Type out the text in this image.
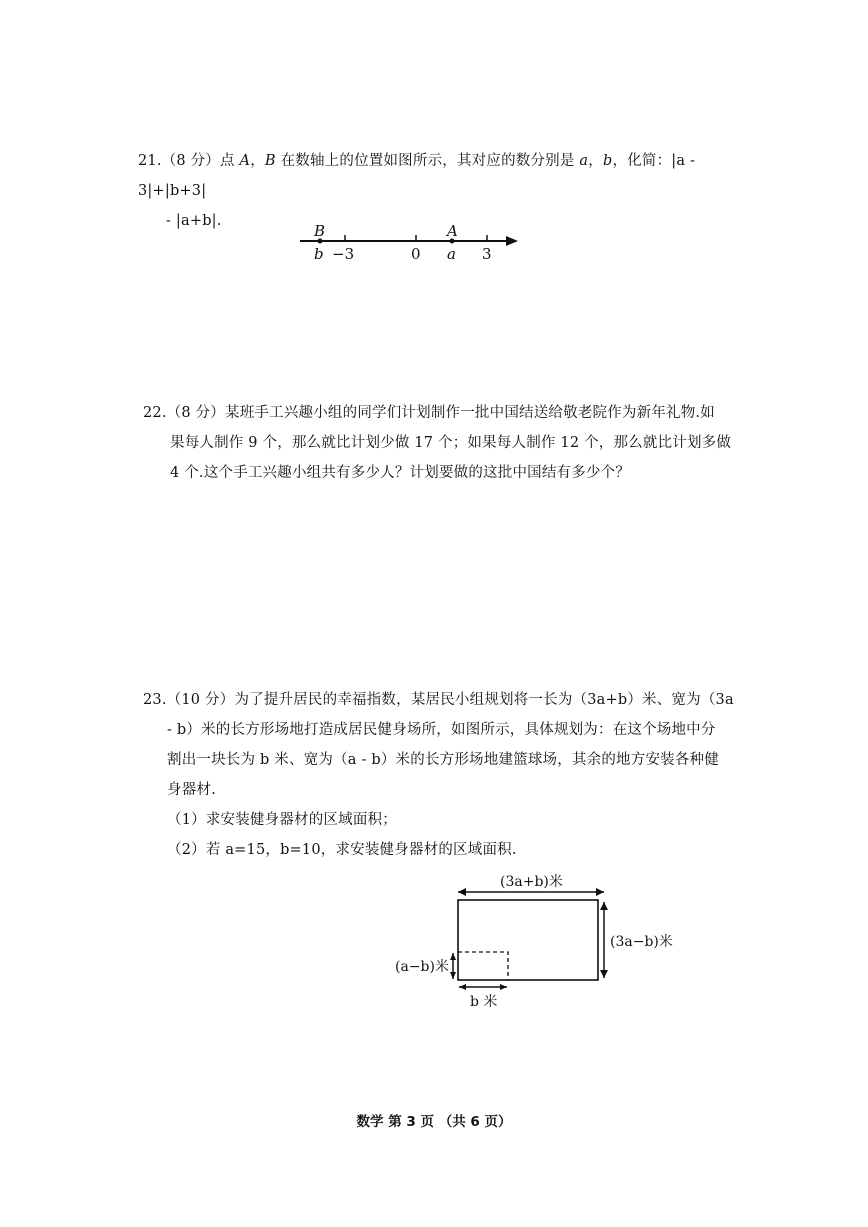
21.（8 分）点 A，B 在数轴上的位置如图所示，其对应的数分别是 a，b，化简：|a - 3|+|b+3|

- |a+b|.

B	A
b −3	0 a 3

22.（8 分）某班手工兴趣小组的同学们计划制作一批中国结送给敬老院作为新年礼物.如

果每人制作 9 个，那么就比计划少做 17 个；如果每人制作 12 个，那么就比计划多做

4 个.这个手工兴趣小组共有多少人？计划要做的这批中国结有多少个？

23.（10 分）为了提升居民的幸福指数，某居民小组规划将一长为（3a+b）米、宽为（3a

- b）米的长方形场地打造成居民健身场所，如图所示，具体规划为：在这个场地中分

割出一块长为 b 米、宽为（a - b）米的长方形场地建篮球场，其余的地方安装各种健

身器材.

（1）求安装健身器材的区域面积；

（2）若 a=15，b=10，求安装健身器材的区域面积.

(3a+b)米
(3a−b)米
(a−b)米
b 米
数学 第 3 页 （共 6 页）
